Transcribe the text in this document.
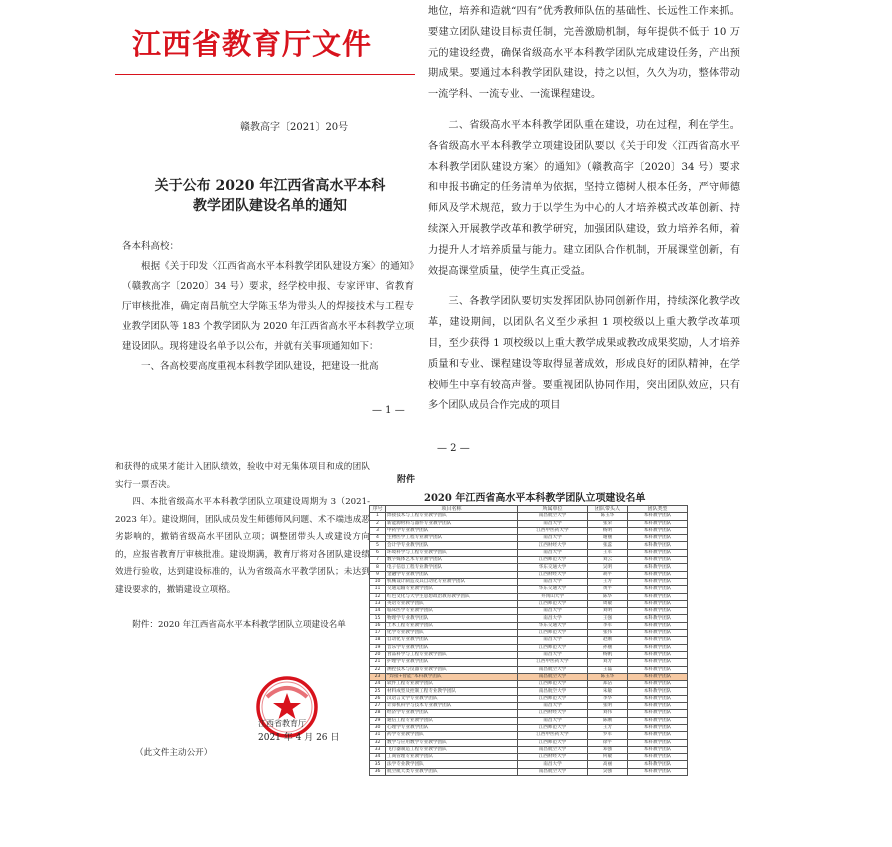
江西省教育厅文件
赣教高字〔2021〕20号
关于公布 2020 年江西省高水平本科
教学团队建设名单的通知

各本科高校：

根据《关于印发〈江西省高水平本科教学团队建设方案〉的通知》（赣教高字〔2020〕34 号）要求，经学校申报、专家评审、省教育厅审核批准，确定南昌航空大学陈玉华为带头人的焊接技术与工程专业教学团队等 183 个教学团队为 2020 年江西省高水平本科教学立项建设团队。现将建设名单予以公布，并就有关事项通知如下：

一、各高校要高度重视本科教学团队建设，把建设一批高

— 1 —

地位，培养和造就“四有”优秀教师队伍的基础性、长远性工作来抓。要建立团队建设目标责任制，完善激励机制，每年提供不低于 10 万元的建设经费，确保省级高水平本科教学团队完成建设任务，产出预期成果。要通过本科教学团队建设，持之以恒，久久为功，整体带动一流学科、一流专业、一流课程建设。

二、省级高水平本科教学团队重在建设，功在过程，利在学生。各省级高水平本科教学立项建设团队要以《关于印发〈江西省高水平本科教学团队建设方案〉的通知》（赣教高字〔2020〕34 号）要求和申报书确定的任务清单为依据，坚持立德树人根本任务，严守师德师风及学术规范，致力于以学生为中心的人才培养模式改革创新、持续深入开展教学改革和教学研究，加强团队建设，致力培养名师，着力提升人才培养质量与能力。建立团队合作机制，开展课堂创新，有效提高课堂质量，使学生真正受益。

三、各教学团队要切实发挥团队协同创新作用，持续深化教学改革，建设期间，以团队名义至少承担 1 项校级以上重大教学改革项目，至少获得 1 项校级以上重大教学成果或教改成果奖励，人才培养质量和专业、课程建设等取得显著成效，形成良好的团队精神，在学校师生中享有较高声誉。要重视团队协同作用，突出团队效应，只有多个团队成员合作完成的项目

— 2 —

和获得的成果才能计入团队绩效，验收中对无集体项目和成的团队实行一票否决。

四、本批省级高水平本科教学团队立项建设周期为 3（2021-2023 年）。建设期间，团队成员发生师德师风问题、术不端违成恶劣影响的，撤销省级高水平团队立项；调整团带头人或建设方向的，应报省教育厅审核批准。建设期满，教育厅将对各团队建设绩效进行验收，达到建设标准的，认为省级高水平教学团队；未达到建设要求的，撤销建设立项格。

附件：2020 年江西省高水平本科教学团队立项建设名单

江西省教育厅
2021 年 4 月 26 日
（此文件主动公开）
附件
2020 年江西省高水平本科教学团队立项建设名单
序号	项目名称	所属单位	团队带头人	团队类型
1	焊接技术与工程专业教学团队	南昌航空大学	陈玉华	本科教学团队
2	新能源材料与器件专业教学团队	南昌大学	张荣	本科教学团队
3	中药学专业教学团队	江西中医药大学	杨明	本科教学团队
4	生物医学工程专业教学团队	南昌大学	谢丽	本科教学团队
5	会计学专业教学团队	江西财经大学	张蕊	本科教学团队
6	环境科学与工程专业教学团队	南昌大学	王军	本科教学团队
7	数字媒体艺术专业教学团队	江西师范大学	刘云	本科教学团队
8	电子信息工程专业教学团队	华东交通大学	吴明	本科教学团队
9	金融学专业教学团队	江西财经大学	胡平	本科教学团队
10	机械设计制造及其自动化专业教学团队	南昌大学	王方	本科教学团队
11	交通运输专业教学团队	华东交通大学	黄平	本科教学团队
12	红色文化与大学生思想政治教育教学团队	井冈山大学	陈华	本科教学团队
13	英语专业教学团队	江西师范大学	周敏	本科教学团队
14	临床医学专业教学团队	南昌大学	刘明	本科教学团队
15	物理学专业教学团队	南昌大学	王强	本科教学团队
16	土木工程专业教学团队	华东交通大学	李军	本科教学团队
17	化学专业教学团队	江西师范大学	张伟	本科教学团队
18	自动化专业教学团队	南昌大学	赵刚	本科教学团队
19	音乐学专业教学团队	江西师范大学	孙丽	本科教学团队
20	食品科学与工程专业教学团队	南昌大学	杨帆	本科教学团队
21	护理学专业教学团队	江西中医药大学	刘芳	本科教学团队
22	测控技术与仪器专业教学团队	南昌航空大学	王磊	本科教学团队
23	“焊接+智能”本科教学团队	南昌航空大学	陈玉华	本科教学团队
24	软件工程专业教学团队	江西师范大学	郑洁	本科教学团队
25	材料成型及控制工程专业教学团队	南昌航空大学	朱敏	本科教学团队
26	汉语言文学专业教学团队	江西师范大学	李华	本科教学团队
27	计算机科学与技术专业教学团队	南昌大学	张明	本科教学团队
28	经济学专业教学团队	江西财经大学	刘伟	本科教学团队
29	通信工程专业教学团队	南昌大学	陈刚	本科教学团队
30	心理学专业教学团队	江西师范大学	王芳	本科教学团队
31	药学专业教学团队	江西中医药大学	罗军	本科教学团队
32	数学与应用数学专业教学团队	江西师范大学	徐平	本科教学团队
33	飞行器制造工程专业教学团队	南昌航空大学	邓强	本科教学团队
34	工商管理专业教学团队	江西财经大学	何敏	本科教学团队
35	法学专业教学团队	南昌大学	高丽	本科教学团队
36	航空航天类专业教学团队	南昌航空大学	吴强	本科教学团队
